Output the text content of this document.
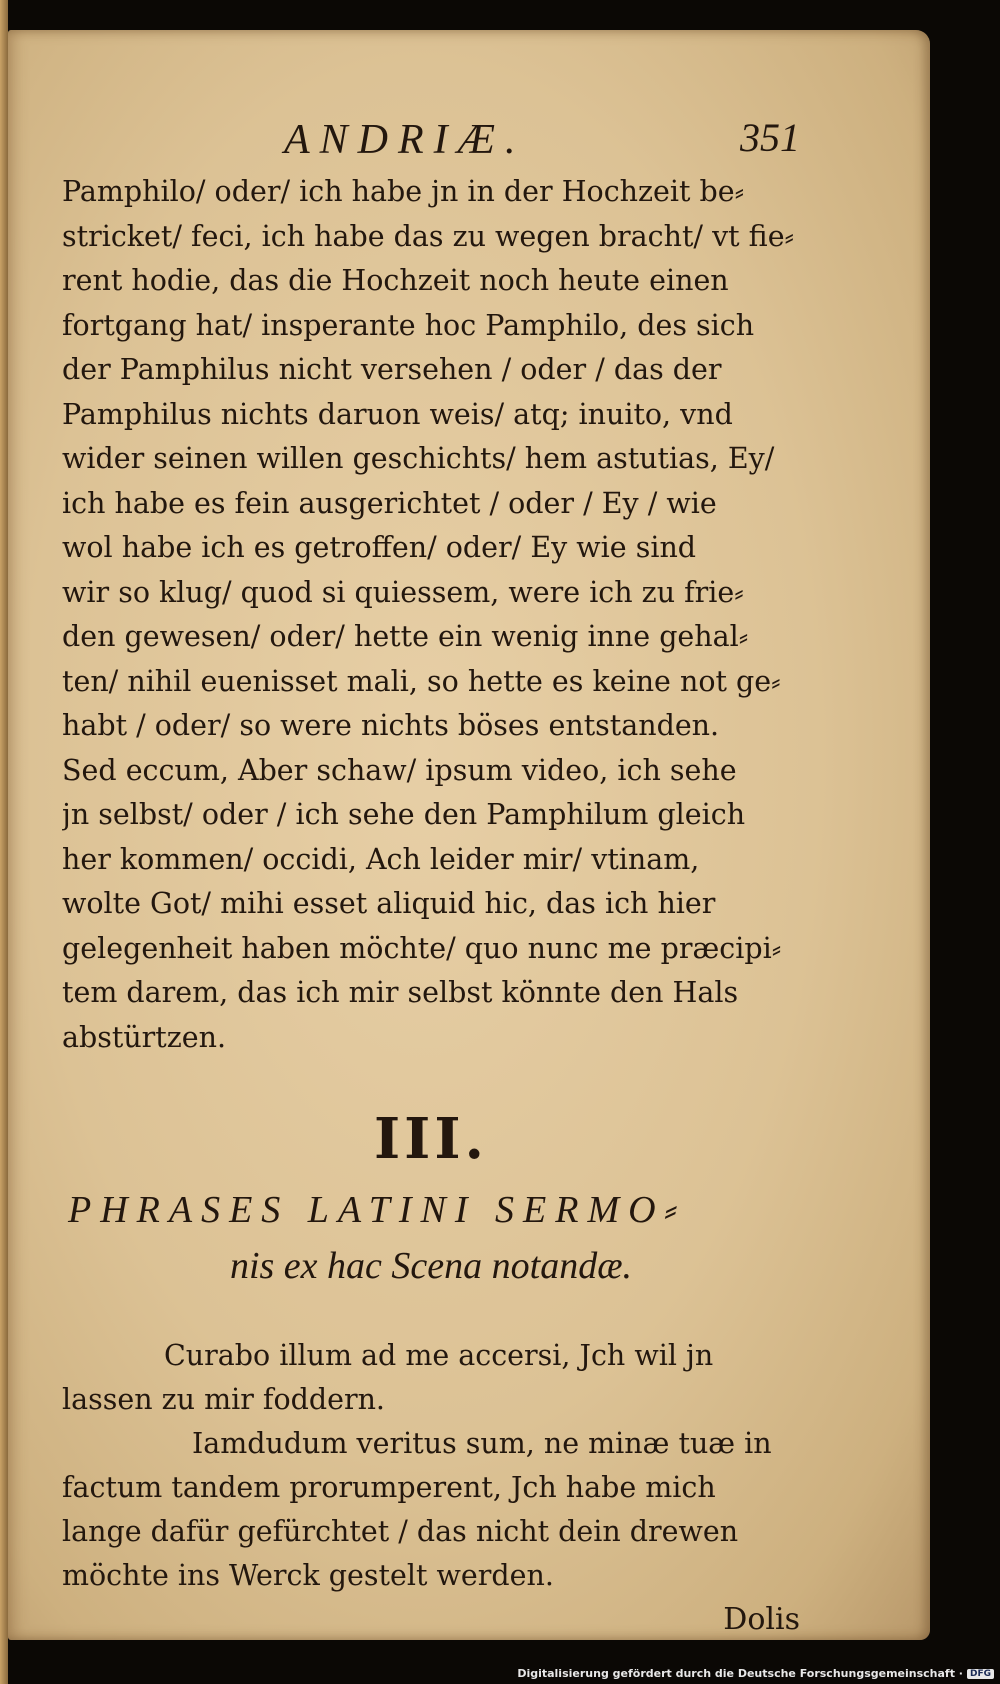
ANDRIÆ.	351

Pamphilo/ oder/ ich habe jn in der Hochzeit be⸗
stricket/ feci, ich habe das zu wegen bracht/ vt fie⸗
rent hodie, das die Hochzeit noch heute einen
fortgang hat/ insperante hoc Pamphilo, des sich
der Pamphilus nicht versehen / oder / das der
Pamphilus nichts daruon weis/ atq; inuito, vnd
wider seinen willen geschichts/ hem astutias, Ey/
ich habe es fein ausgerichtet / oder / Ey / wie
wol habe ich es getroffen/ oder/ Ey wie sind
wir so klug/ quod si quiessem, were ich zu frie⸗
den gewesen/ oder/ hette ein wenig inne gehal⸗
ten/ nihil euenisset mali, so hette es keine not ge⸗
habt / oder/ so were nichts böses entstanden.
Sed eccum, Aber schaw/ ipsum video, ich sehe
jn selbst/ oder / ich sehe den Pamphilum gleich
her kommen/ occidi, Ach leider mir/ vtinam,
wolte Got/ mihi esset aliquid hic, das ich hier
gelegenheit haben möchte/ quo nunc me præcipi⸗
tem darem, das ich mir selbst könnte den Hals
abstürtzen.

III.
PHRASES LATINI SERMO⸗
nis ex hac Scena notandæ.

Curabo illum ad me accersi, Jch wil jn
lassen zu mir foddern.

Iamdudum veritus sum, ne minæ tuæ in
factum tandem prorumperent, Jch habe mich
lange dafür gefürchtet / das nicht dein drewen
möchte ins Werck gestelt werden.

Dolis
Digitalisierung gefördert durch die Deutsche Forschungsgemeinschaft · DFG
